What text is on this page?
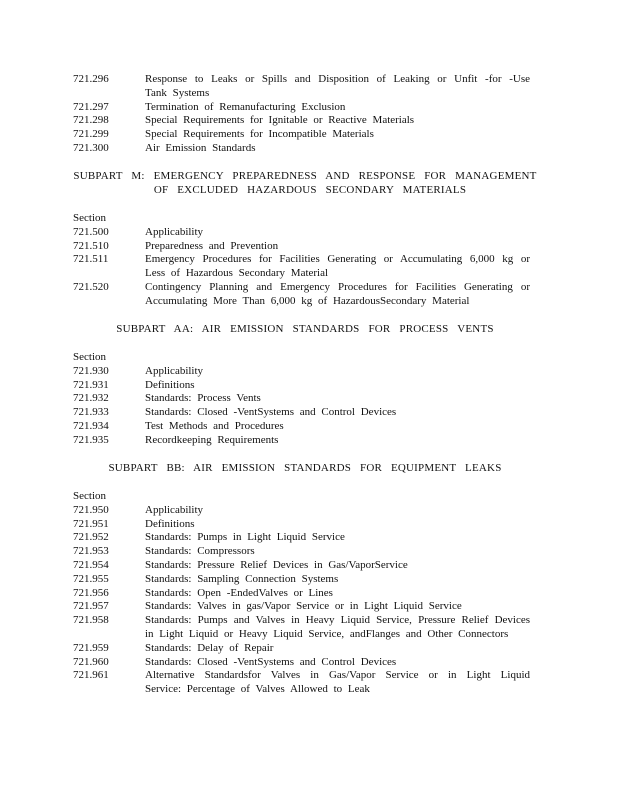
721.296	Response to Leaks or Spills and Disposition of Leaking or Unfit -for -Use Tank Systems
721.297	Termination of Remanufacturing Exclusion
721.298	Special Requirements for Ignitable or Reactive Materials
721.299	Special Requirements for Incompatible Materials
721.300	Air Emission Standards
SUBPART M: EMERGENCY PREPAREDNESS AND RESPONSE FOR MANAGEMENT
OF EXCLUDED HAZARDOUS SECONDARY MATERIALS
Section
721.500	Applicability
721.510	Preparedness and Prevention
721.511	Emergency Procedures for Facilities Generating or Accumulating 6,000 kg or Less of Hazardous Secondary Material
721.520	Contingency Planning and Emergency Procedures for Facilities Generating or Accumulating More Than 6,000 kg of HazardousSecondary Material
SUBPART AA: AIR EMISSION STANDARDS FOR PROCESS VENTS
Section
721.930	Applicability
721.931	Definitions
721.932	Standards: Process Vents
721.933	Standards: Closed -VentSystems and Control Devices
721.934	Test Methods and Procedures
721.935	Recordkeeping Requirements
SUBPART BB: AIR EMISSION STANDARDS FOR EQUIPMENT LEAKS
Section
721.950	Applicability
721.951	Definitions
721.952	Standards: Pumps in Light Liquid Service
721.953	Standards: Compressors
721.954	Standards: Pressure Relief Devices in Gas/VaporService
721.955	Standards: Sampling Connection Systems
721.956	Standards: Open -EndedValves or Lines
721.957	Standards: Valves in gas/Vapor Service or in Light Liquid Service
721.958	Standards: Pumps and Valves in Heavy Liquid Service, Pressure Relief Devices in Light Liquid or Heavy Liquid Service, andFlanges and Other Connectors
721.959	Standards: Delay of Repair
721.960	Standards: Closed -VentSystems and Control Devices
721.961	Alternative Standardsfor Valves in Gas/Vapor Service or in Light Liquid Service: Percentage of Valves Allowed to Leak
